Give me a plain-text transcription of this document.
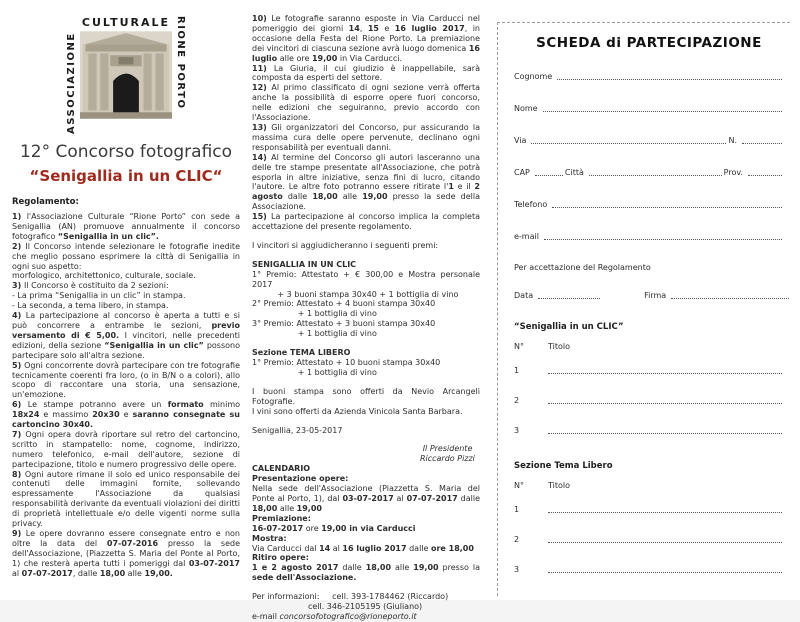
ASSOCIAZIONE
CULTURALE RIONE PORTO
12° Concorso fotografico
“Senigallia in un CLIC“
Regolamento:
1) l'Associazione Culturale “Rione Porto” con sede a Senigallia (AN) promuove annualmente il concorso fotografico “Senigallia in un clic”.
2) Il Concorso intende selezionare le fotografie inedite che meglio possano esprimere la città di Senigallia in ogni suo aspetto:
morfologico, architettonico, culturale, sociale.
3) Il Concorso è costituito da 2 sezioni:
- La prima “Senigallia in un clic” in stampa.
- La seconda, a tema libero, in stampa.
4) La partecipazione al concorso è aperta a tutti e si può concorrere a entrambe le sezioni, previo versamento di € 5,00. I vincitori, nelle precedenti edizioni, della sezione “Senigallia in un clic” possono partecipare solo all'altra sezione.
5) Ogni concorrente dovrà partecipare con tre fotografie tecnicamente coerenti fra loro, (o in B/N o a colori), allo scopo di raccontare una storia, una sensazione, un'emozione.
6) Le stampe potranno avere un formato minimo 18x24 e massimo 20x30 e saranno consegnate su cartoncino 30x40.
7) Ogni opera dovrà riportare sul retro del cartoncino, scritto in stampatello: nome, cognome, indirizzo, numero telefonico, e-mail dell'autore, sezione di partecipazione, titolo e numero progressivo delle opere.
8) Ogni autore rimane il solo ed unico responsabile dei contenuti delle immagini fornite, sollevando espressamente l'Associazione da qualsiasi responsabilità derivante da eventuali violazioni dei diritti di proprietà intellettuale e/o delle vigenti norme sulla privacy.
9) Le opere dovranno essere consegnate entro e non oltre la data del 07-07-2016 presso la sede dell'Associazione, (Piazzetta S. Maria del Ponte al Porto, 1) che resterà aperta tutti i pomeriggi dal 03-07-2017 al 07-07-2017, dalle 18,00 alle 19,00.
10) Le fotografie saranno esposte in Via Carducci nel pomeriggio dei giorni 14, 15 e 16 luglio 2017, in occasione della Festa del Rione Porto. La premiazione dei vincitori di ciascuna sezione avrà luogo domenica 16 luglio alle ore 19,00 in Via Carducci.
11) La Giuria, il cui giudizio è inappellabile, sarà composta da esperti del settore.
12) Al primo classificato di ogni sezione verrà offerta anche la possibilità di esporre opere fuori concorso, nelle edizioni che seguiranno, previo accordo con l'Associazione.
13) Gli organizzatori del Concorso, pur assicurando la massima cura delle opere pervenute, declinano ogni responsabilità per eventuali danni.
14) Al termine del Concorso gli autori lasceranno una delle tre stampe presentate all'Associazione, che potrà esporla in altre iniziative, senza fini di lucro, citando l'autore. Le altre foto potranno essere ritirate l'1 e il 2 agosto dalle 18,00 alle 19,00 presso la sede della Associazione.
15) La partecipazione al concorso implica la completa accettazione del presente regolamento.
I vincitori si aggiudicheranno i seguenti premi:
SENIGALLIA IN UN CLIC
1° Premio: Attestato + € 300,00 e Mostra personale 2017
+ 3 buoni stampa 30x40 + 1 bottiglia di vino
2° Premio: Attestato + 4 buoni stampa 30x40
+ 1 bottiglia di vino
3° Premio: Attestato + 3 buoni stampa 30x40
+ 1 bottiglia di vino
Sezione TEMA LIBERO
1° Premio: Attestato + 10 buoni stampa 30x40
+ 1 bottiglia di vino
I buoni stampa sono offerti da Nevio Arcangeli Fotografie.
I vini sono offerti da Azienda Vinicola Santa Barbara.
Senigallia, 23-05-2017
Il Presidente
Riccardo Pizzi
CALENDARIO
Presentazione opere:
Nella sede dell'Associazione (Piazzetta S. Maria del Ponte al Porto, 1), dal 03-07-2017 al 07-07-2017 dalle 18,00 alle 19,00
Premiazione:
16-07-2017 ore 19,00 in via Carducci
Mostra:
Via Carducci dal 14 al 16 luglio 2017 dalle ore 18,00
Ritiro opere:
1 e 2 agosto 2017 dalle 18,00 alle 19,00 presso la sede dell'Associazione.
Per informazioni:     cell. 393-1784462 (Riccardo)
cell. 346-2105195 (Giuliano)
e-mail concorsofotografico@rioneporto.it
SCHEDA di PARTECIPAZIONE
Cognome
Nome
Via	N.
CAP	Città	Prov.
Telefono
e-mail
Per accettazione del Regolamento
Data	Firma
“Senigallia in un CLIC”
N°	Titolo
1
2
3
Sezione Tema Libero
N°	Titolo
1
2
3
